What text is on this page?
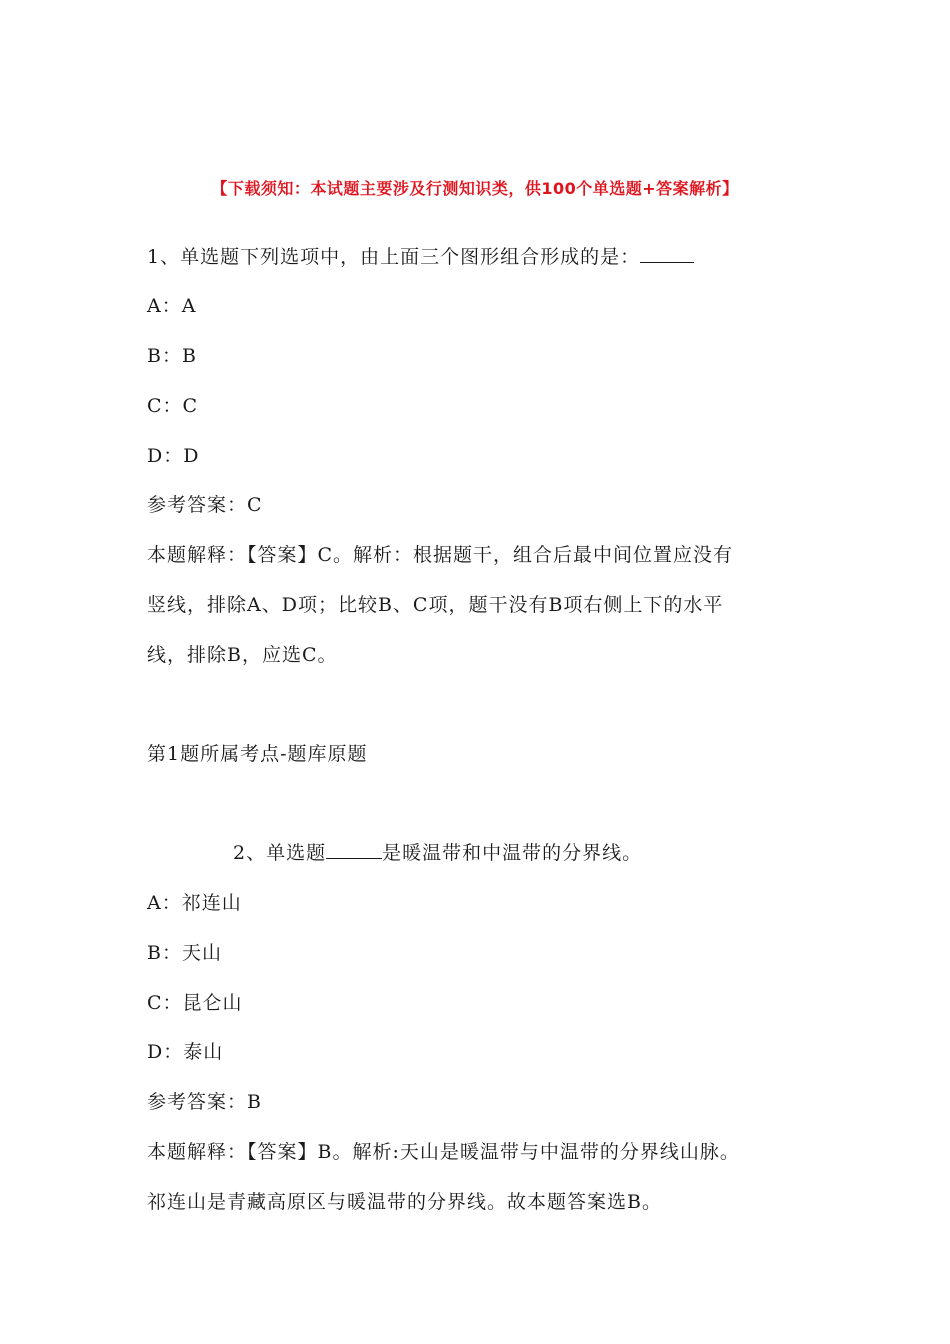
【下载须知：本试题主要涉及行测知识类，供100个单选题+答案解析】
1、单选题下列选项中，由上面三个图形组合形成的是：
A：A
B：B
C：C
D：D
参考答案：C
本题解释：【答案】C。解析：根据题干，组合后最中间位置应没有
竖线，排除A、D项；比较B、C项，题干没有B项右侧上下的水平
线，排除B，应选C。
第1题所属考点-题库原题
2、单选题	是暖温带和中温带的分界线。
A：祁连山
B：天山
C：昆仑山
D：泰山
参考答案：B
本题解释：【答案】B。解析:天山是暖温带与中温带的分界线山脉。
祁连山是青藏高原区与暖温带的分界线。故本题答案选B。
